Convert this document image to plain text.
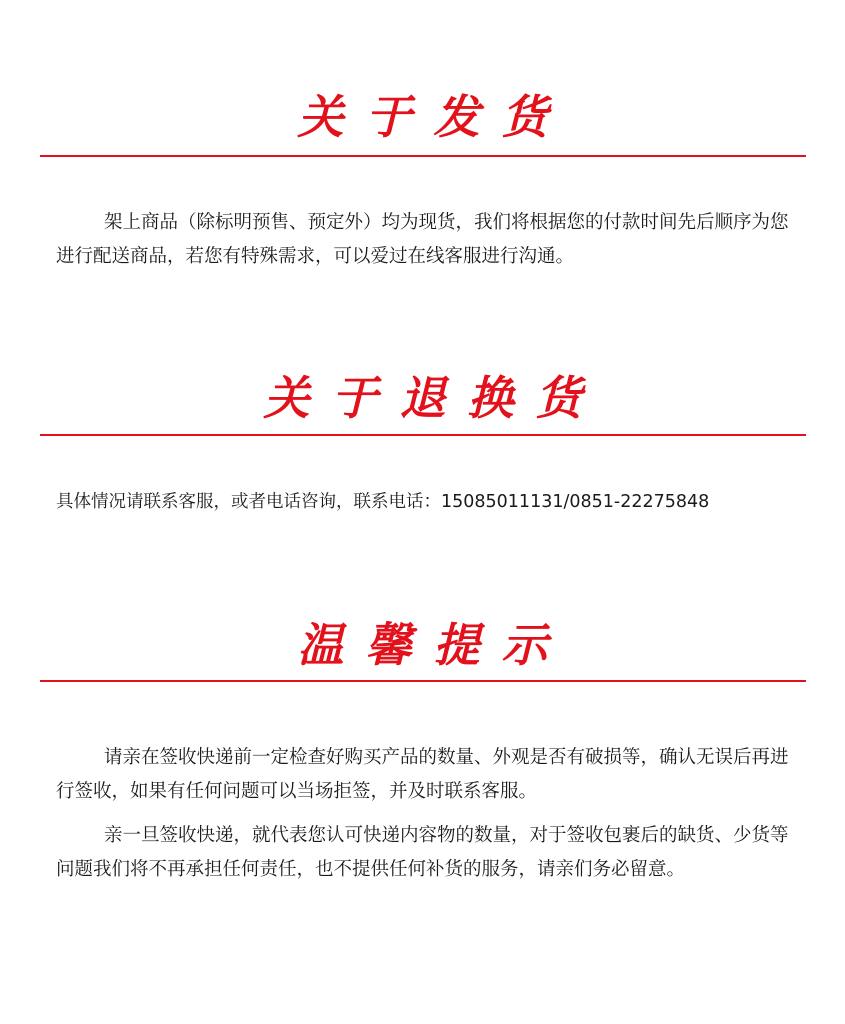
关于发货

架上商品（除标明预售、预定外）均为现货，我们将根据您的付款时间先后顺序为您进行配送商品，若您有特殊需求，可以爱过在线客服进行沟通。

关于退换货

具体情况请联系客服，或者电话咨询，联系电话：15085011131/0851-22275848

温馨提示

请亲在签收快递前一定检查好购买产品的数量、外观是否有破损等，确认无误后再进行签收，如果有任何问题可以当场拒签，并及时联系客服。

亲一旦签收快递，就代表您认可快递内容物的数量，对于签收包裹后的缺货、少货等问题我们将不再承担任何责任，也不提供任何补货的服务，请亲们务必留意。
